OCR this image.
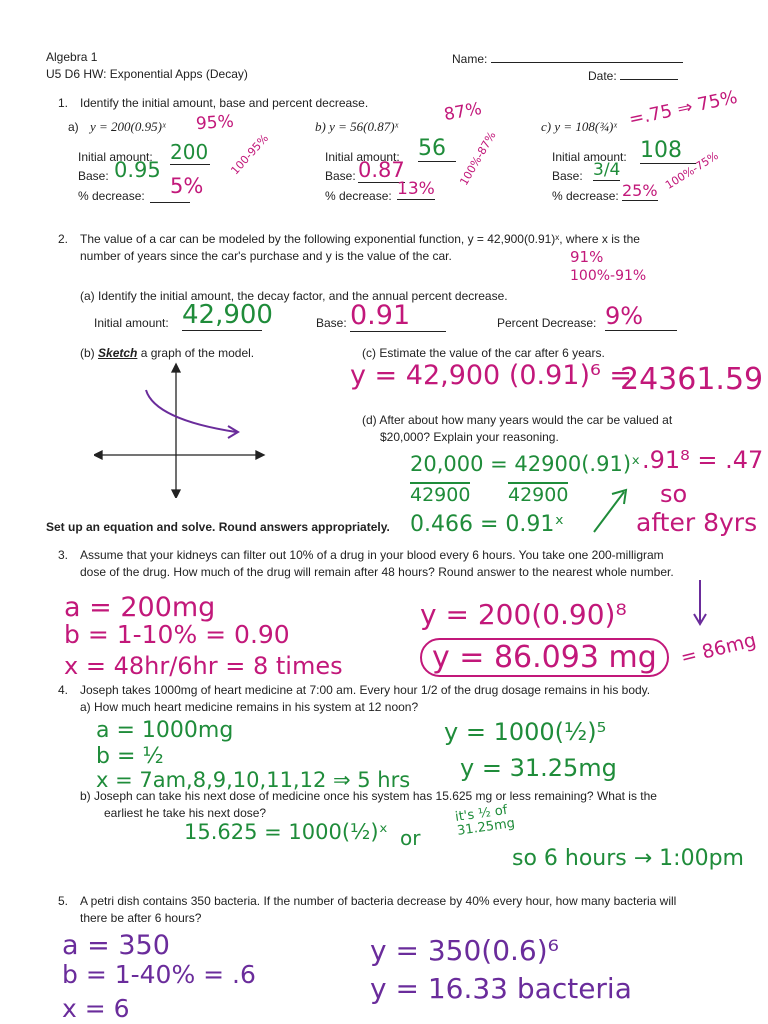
Algebra 1
U5 D6 HW: Exponential Apps (Decay)
Name:
Date:
1. Identify the initial amount, base and percent decrease.
a) y = 200(0.95)ˣ 95%
100-95%
Initial amount: 200
Base: 0.95
% decrease: 5%
b) y = 56(0.87)ˣ
87%
100%-87%
Initial amount: 56
Base: 0.87
% decrease: 13%
c) y = 108(¾)ˣ =.75 ⇒ 75%
100%-75%
Initial amount: 108
Base: 3/4
% decrease: 25%
2. The value of a car can be modeled by the following exponential function, y = 42,900(0.91)ˣ, where x is the
number of years since the car's purchase and y is the value of the car.	91%
100%-91%
(a) Identify the initial amount, the decay factor, and the annual percent decrease.
Initial amount: 42,900	Base: 0.91	Percent Decrease: 9%
(b) Sketch a graph of the model.	(c) Estimate the value of the car after 6 years.
y = 42,900 (0.91)⁶ =
24361.59
(d) After about how many years would the car be valued at
$20,000? Explain your reasoning.
20,000 = 42900(.91)ˣ
42900 42900
0.466 = 0.91ˣ
.91⁸ = .47
so
after 8yrs
Set up an equation and solve. Round answers appropriately.
3. Assume that your kidneys can filter out 10% of a drug in your blood every 6 hours. You take one 200-milligram
dose of the drug. How much of the drug will remain after 48 hours? Round answer to the nearest whole number.
a = 200mg
b = 1-10% = 0.90
x = 48hr/6hr = 8 times
y = 200(0.90)⁸
y = 86.093 mg	= 86mg
4. Joseph takes 1000mg of heart medicine at 7:00 am. Every hour 1/2 of the drug dosage remains in his body.
a) How much heart medicine remains in his system at 12 noon?
a = 1000mg
b = ½
x = 7am,8,9,10,11,12 ⇒ 5 hrs
y = 1000(½)⁵
y = 31.25mg
b) Joseph can take his next dose of medicine once his system has 15.625 mg or less remaining? What is the
earliest he take his next dose?
15.625 = 1000(½)ˣ or
it's ½ of 31.25mg
so 6 hours → 1:00pm
5. A petri dish contains 350 bacteria. If the number of bacteria decrease by 40% every hour, how many bacteria will
there be after 6 hours?
a = 350
b = 1-40% = .6
x = 6
y = 350(0.6)⁶
y = 16.33 bacteria
